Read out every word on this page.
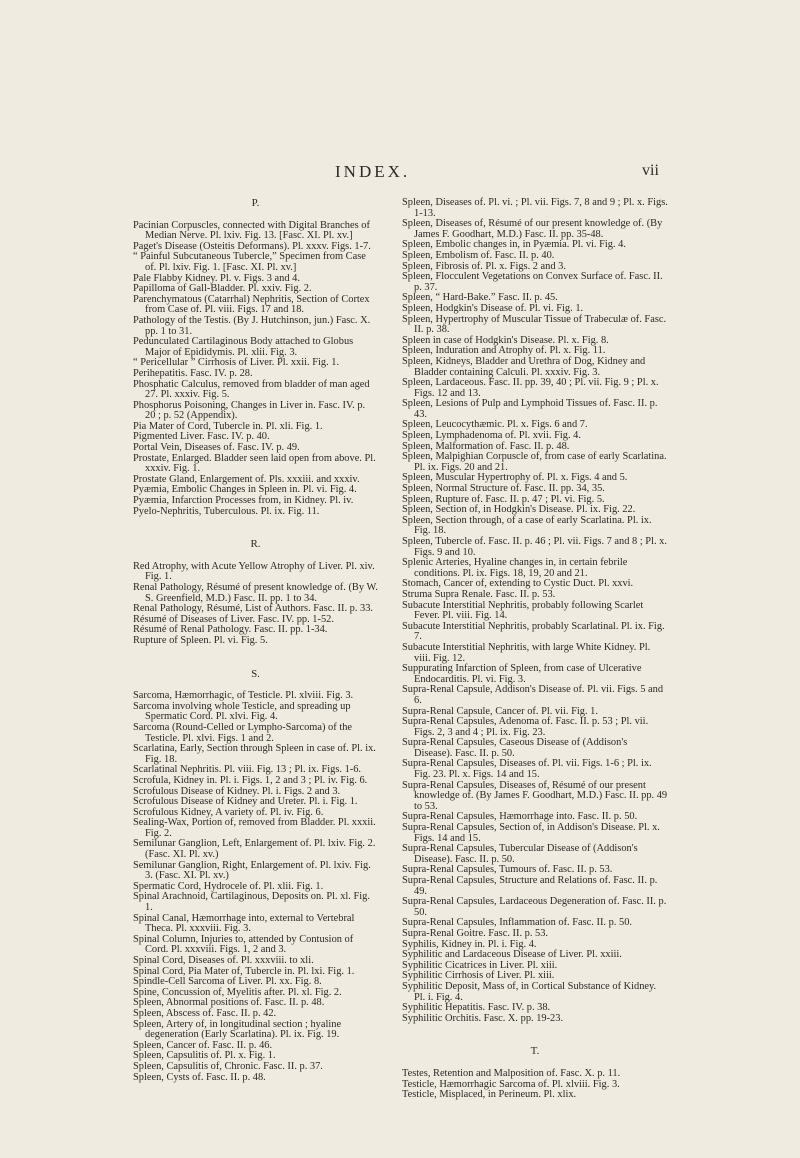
INDEX.	vii
P.

Pacinian Corpuscles, connected with Digital Branches of Median Nerve. Pl. lxiv. Fig. 13. [Fasc. XI. Pl. xv.]

Paget's Disease (Osteitis Deformans). Pl. xxxv. Figs. 1-7.

“ Painful Subcutaneous Tubercle,” Specimen from Case of. Pl. lxiv. Fig. 1. [Fasc. XI. Pl. xv.]

Pale Flabby Kidney. Pl. v. Figs. 3 and 4.

Papilloma of Gall-Bladder. Pl. xxiv. Fig. 2.

Parenchymatous (Catarrhal) Nephritis, Section of Cortex from Case of. Pl. viii. Figs. 17 and 18.

Pathology of the Testis. (By J. Hutchinson, jun.) Fasc. X. pp. 1 to 31.

Pedunculated Cartilaginous Body attached to Globus Major of Epididymis. Pl. xlii. Fig. 3.

“ Pericellular ” Cirrhosis of Liver. Pl. xxii. Fig. 1.

Perihepatitis. Fasc. IV. p. 28.

Phosphatic Calculus, removed from bladder of man aged 27. Pl. xxxiv. Fig. 5.

Phosphorus Poisoning, Changes in Liver in. Fasc. IV. p. 20 ; p. 52 (Appendix).

Pia Mater of Cord, Tubercle in. Pl. xli. Fig. 1.

Pigmented Liver. Fasc. IV. p. 40.

Portal Vein, Diseases of. Fasc. IV. p. 49.

Prostate, Enlarged. Bladder seen laid open from above. Pl. xxxiv. Fig. 1.

Prostate Gland, Enlargement of. Pls. xxxiii. and xxxiv.

Pyæmia, Embolic Changes in Spleen in. Pl. vi. Fig. 4.

Pyæmia, Infarction Processes from, in Kidney. Pl. iv.

Pyelo-Nephritis, Tuberculous. Pl. ix. Fig. 11.

R.

Red Atrophy, with Acute Yellow Atrophy of Liver. Pl. xiv. Fig. 1.

Renal Pathology, Résumé of present knowledge of. (By W. S. Greenfield, M.D.) Fasc. II. pp. 1 to 34.

Renal Pathology, Résumé, List of Authors. Fasc. II. p. 33.

Résumé of Diseases of Liver. Fasc. IV. pp. 1-52.

Résumé of Renal Pathology. Fasc. II. pp. 1-34.

Rupture of Spleen. Pl. vi. Fig. 5.

S.

Sarcoma, Hæmorrhagic, of Testicle. Pl. xlviii. Fig. 3.

Sarcoma involving whole Testicle, and spreading up Spermatic Cord. Pl. xlvi. Fig. 4.

Sarcoma (Round-Celled or Lympho-Sarcoma) of the Testicle. Pl. xlvi. Figs. 1 and 2.

Scarlatina, Early, Section through Spleen in case of. Pl. ix. Fig. 18.

Scarlatinal Nephritis. Pl. viii. Fig. 13 ; Pl. ix. Figs. 1-6.

Scrofula, Kidney in. Pl. i. Figs. 1, 2 and 3 ; Pl. iv. Fig. 6.

Scrofulous Disease of Kidney. Pl. i. Figs. 2 and 3.

Scrofulous Disease of Kidney and Ureter. Pl. i. Fig. 1.

Scrofulous Kidney, A variety of. Pl. iv. Fig. 6.

Sealing-Wax, Portion of, removed from Bladder. Pl. xxxii. Fig. 2.

Semilunar Ganglion, Left, Enlargement of. Pl. lxiv. Fig. 2. (Fasc. XI. Pl. xv.)

Semilunar Ganglion, Right, Enlargement of. Pl. lxiv. Fig. 3. (Fasc. XI. Pl. xv.)

Spermatic Cord, Hydrocele of. Pl. xlii. Fig. 1.

Spinal Arachnoid, Cartilaginous, Deposits on. Pl. xl. Fig. 1.

Spinal Canal, Hæmorrhage into, external to Vertebral Theca. Pl. xxxviii. Fig. 3.

Spinal Column, Injuries to, attended by Contusion of Cord. Pl. xxxviii. Figs. 1, 2 and 3.

Spinal Cord, Diseases of. Pl. xxxviii. to xli.

Spinal Cord, Pia Mater of, Tubercle in. Pl. lxi. Fig. 1.

Spindle-Cell Sarcoma of Liver. Pl. xx. Fig. 8.

Spine, Concussion of, Myelitis after. Pl. xl. Fig. 2.

Spleen, Abnormal positions of. Fasc. II. p. 48.

Spleen, Abscess of. Fasc. II. p. 42.

Spleen, Artery of, in longitudinal section ; hyaline degeneration (Early Scarlatina). Pl. ix. Fig. 19.

Spleen, Cancer of. Fasc. II. p. 46.

Spleen, Capsulitis of. Pl. x. Fig. 1.

Spleen, Capsulitis of, Chronic. Fasc. II. p. 37.

Spleen, Cysts of. Fasc. II. p. 48.

Spleen, Diseases of. Pl. vi. ; Pl. vii. Figs. 7, 8 and 9 ; Pl. x. Figs. 1-13.

Spleen, Diseases of, Résumé of our present knowledge of. (By James F. Goodhart, M.D.) Fasc. II. pp. 35-48.

Spleen, Embolic changes in, in Pyæmia. Pl. vi. Fig. 4.

Spleen, Embolism of. Fasc. II. p. 40.

Spleen, Fibrosis of. Pl. x. Figs. 2 and 3.

Spleen, Flocculent Vegetations on Convex Surface of. Fasc. II. p. 37.

Spleen, “ Hard-Bake.” Fasc. II. p. 45.

Spleen, Hodgkin's Disease of. Pl. vi. Fig. 1.

Spleen, Hypertrophy of Muscular Tissue of Trabeculæ of. Fasc. II. p. 38.

Spleen in case of Hodgkin's Disease. Pl. x. Fig. 8.

Spleen, Induration and Atrophy of. Pl. x. Fig. 11.

Spleen, Kidneys, Bladder and Urethra of Dog, Kidney and Bladder containing Calculi. Pl. xxxiv. Fig. 3.

Spleen, Lardaceous. Fasc. II. pp. 39, 40 ; Pl. vii. Fig. 9 ; Pl. x. Figs. 12 and 13.

Spleen, Lesions of Pulp and Lymphoid Tissues of. Fasc. II. p. 43.

Spleen, Leucocythæmic. Pl. x. Figs. 6 and 7.

Spleen, Lymphadenoma of. Pl. xvii. Fig. 4.

Spleen, Malformation of. Fasc. II. p. 48.

Spleen, Malpighian Corpuscle of, from case of early Scarlatina. Pl. ix. Figs. 20 and 21.

Spleen, Muscular Hypertrophy of. Pl. x. Figs. 4 and 5.

Spleen, Normal Structure of. Fasc. II. pp. 34, 35.

Spleen, Rupture of. Fasc. II. p. 47 ; Pl. vi. Fig. 5.

Spleen, Section of, in Hodgkin's Disease. Pl. ix. Fig. 22.

Spleen, Section through, of a case of early Scarlatina. Pl. ix. Fig. 18.

Spleen, Tubercle of. Fasc. II. p. 46 ; Pl. vii. Figs. 7 and 8 ; Pl. x. Figs. 9 and 10.

Splenic Arteries, Hyaline changes in, in certain febrile conditions. Pl. ix. Figs. 18, 19, 20 and 21.

Stomach, Cancer of, extending to Cystic Duct. Pl. xxvi.

Struma Supra Renale. Fasc. II. p. 53.

Subacute Interstitial Nephritis, probably following Scarlet Fever. Pl. viii. Fig. 14.

Subacute Interstitial Nephritis, probably Scarlatinal. Pl. ix. Fig. 7.

Subacute Interstitial Nephritis, with large White Kidney. Pl. viii. Fig. 12.

Suppurating Infarction of Spleen, from case of Ulcerative Endocarditis. Pl. vi. Fig. 3.

Supra-Renal Capsule, Addison's Disease of. Pl. vii. Figs. 5 and 6.

Supra-Renal Capsule, Cancer of. Pl. vii. Fig. 1.

Supra-Renal Capsules, Adenoma of. Fasc. II. p. 53 ; Pl. vii. Figs. 2, 3 and 4 ; Pl. ix. Fig. 23.

Supra-Renal Capsules, Caseous Disease of (Addison's Disease). Fasc. II. p. 50.

Supra-Renal Capsules, Diseases of. Pl. vii. Figs. 1-6 ; Pl. ix. Fig. 23. Pl. x. Figs. 14 and 15.

Supra-Renal Capsules, Diseases of, Résumé of our present knowledge of. (By James F. Goodhart, M.D.) Fasc. II. pp. 49 to 53.

Supra-Renal Capsules, Hæmorrhage into. Fasc. II. p. 50.

Supra-Renal Capsules, Section of, in Addison's Disease. Pl. x. Figs. 14 and 15.

Supra-Renal Capsules, Tubercular Disease of (Addison's Disease). Fasc. II. p. 50.

Supra-Renal Capsules, Tumours of. Fasc. II. p. 53.

Supra-Renal Capsules, Structure and Relations of. Fasc. II. p. 49.

Supra-Renal Capsules, Lardaceous Degeneration of. Fasc. II. p. 50.

Supra-Renal Capsules, Inflammation of. Fasc. II. p. 50.

Supra-Renal Goitre. Fasc. II. p. 53.

Syphilis, Kidney in. Pl. i. Fig. 4.

Syphilitic and Lardaceous Disease of Liver. Pl. xxiii.

Syphilitic Cicatrices in Liver. Pl. xiii.

Syphilitic Cirrhosis of Liver. Pl. xiii.

Syphilitic Deposit, Mass of, in Cortical Substance of Kidney. Pl. i. Fig. 4.

Syphilitic Hepatitis. Fasc. IV. p. 38.

Syphilitic Orchitis. Fasc. X. pp. 19-23.

T.

Testes, Retention and Malposition of. Fasc. X. p. 11.

Testicle, Hæmorrhagic Sarcoma of. Pl. xlviii. Fig. 3.

Testicle, Misplaced, in Perineum. Pl. xlix.
